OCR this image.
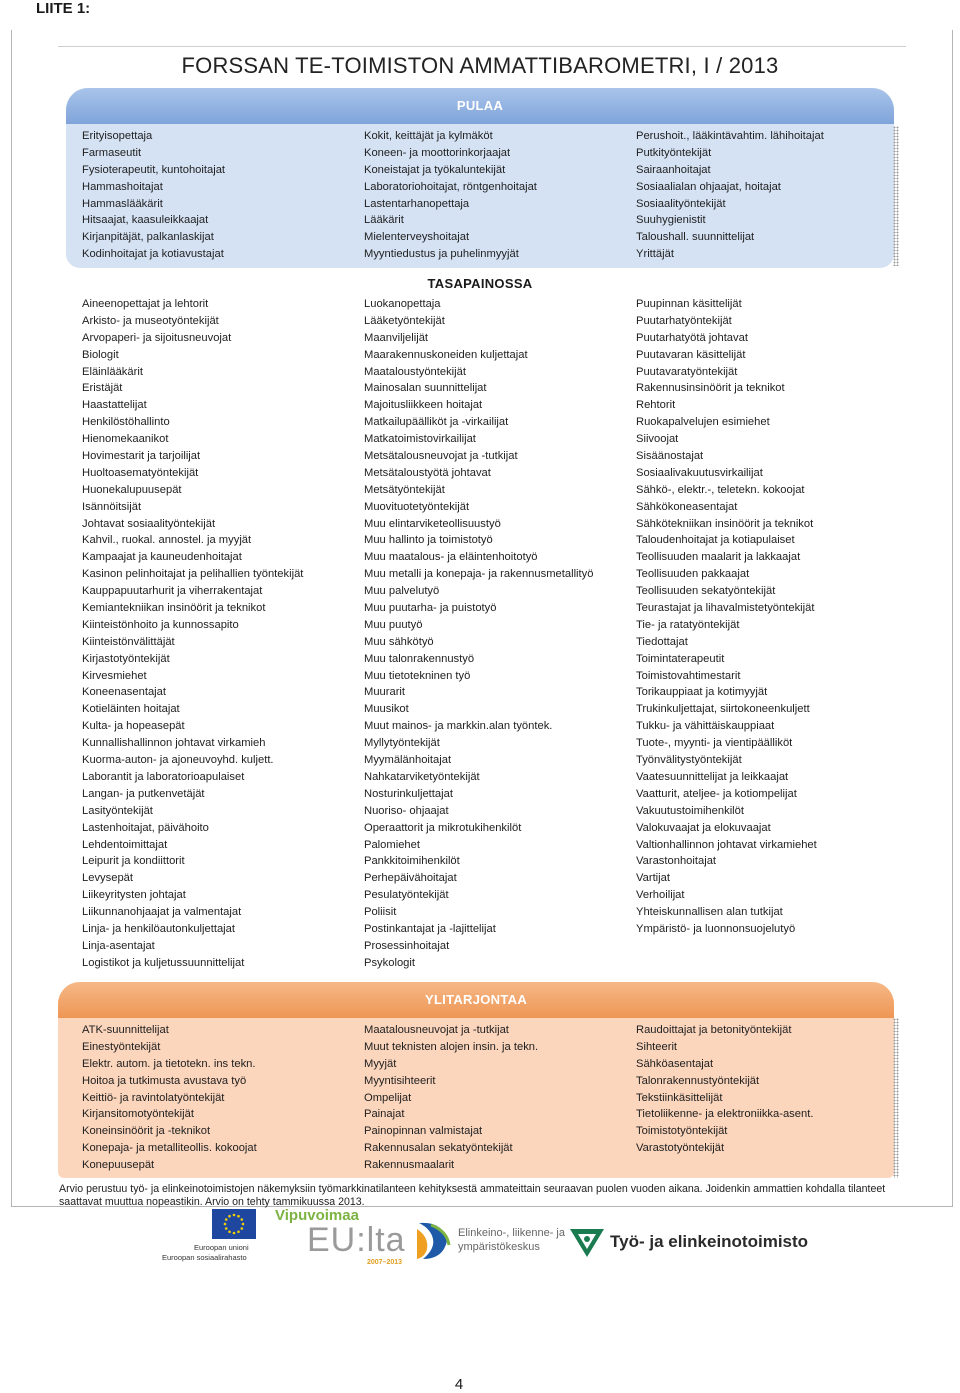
LIITE 1:
FORSSAN TE-TOIMISTON AMMATTIBAROMETRI, I / 2013
PULAA
Erityisopettaja
Farmaseutit
Fysioterapeutit, kuntohoitajat
Hammashoitajat
Hammaslääkärit
Hitsaajat, kaasuleikkaajat
Kirjanpitäjät, palkanlaskijat
Kodinhoitajat ja kotiavustajat
Kokit, keittäjät ja kylmäköt
Koneen- ja moottorinkorjaajat
Koneistajat ja työkaluntekijät
Laboratoriohoitajat, röntgenhoitajat
Lastentarhanopettaja
Lääkärit
Mielenterveyshoitajat
Myyntiedustus ja puhelinmyyjät
Perushoit., lääkintävahtim. lähihoitajat
Putkityöntekijät
Sairaanhoitajat
Sosiaalialan ohjaajat, hoitajat
Sosiaalityöntekijät
Suuhygienistit
Taloushall. suunnittelijat
Yrittäjät
TASAPAINOSSA
Aineenopettajat ja lehtorit
Arkisto- ja museotyöntekijät
Arvopaperi- ja sijoitusneuvojat
Biologit
Eläinlääkärit
Eristäjät
Haastattelijat
Henkilöstöhallinto
Hienomekaanikot
Hovimestarit ja tarjoilijat
Huoltoasematyöntekijät
Huonekalupuusepät
Isännöitsijät
Johtavat sosiaalityöntekijät
Kahvil., ruokal. annostel. ja myyjät
Kampaajat ja kauneudenhoitajat
Kasinon pelinhoitajat ja pelihallien työntekijät
Kauppapuutarhurit ja viherrakentajat
Kemiantekniikan insinöörit ja teknikot
Kiinteistönhoito ja kunnossapito
Kiinteistönvälittäjät
Kirjastotyöntekijät
Kirvesmiehet
Koneenasentajat
Kotieläinten hoitajat
Kulta- ja hopeasepät
Kunnallishallinnon johtavat virkamieh
Kuorma-auton- ja ajoneuvoyhd. kuljett.
Laborantit ja laboratorioapulaiset
Langan- ja putkenvetäjät
Lasityöntekijät
Lastenhoitajat, päivähoito
Lehdentoimittajat
Leipurit ja kondiittorit
Levysepät
Liikeyritysten johtajat
Liikunnanohjaajat ja valmentajat
Linja- ja henkilöautonkuljettajat
Linja-asentajat
Logistikot ja kuljetussuunnittelijat
Luokanopettaja
Lääketyöntekijät
Maanviljelijät
Maarakennuskoneiden kuljettajat
Maataloustyöntekijät
Mainosalan suunnittelijat
Majoitusliikkeen hoitajat
Matkailupäälliköt ja -virkailijat
Matkatoimistovirkailijat
Metsätalousneuvojat ja -tutkijat
Metsätaloustyötä johtavat
Metsätyöntekijät
Muovituotetyöntekijät
Muu elintarviketeollisuustyö
Muu hallinto ja toimistotyö
Muu maatalous- ja eläintenhoitotyö
Muu metalli ja konepaja- ja rakennusmetallityö
Muu palvelutyö
Muu puutarha- ja puistotyö
Muu puutyö
Muu sähkötyö
Muu talonrakennustyö
Muu tietotekninen työ
Muurarit
Muusikot
Muut mainos- ja markkin.alan työntek.
Myllytyöntekijät
Myymälänhoitajat
Nahkatarviketyöntekijät
Nosturinkuljettajat
Nuoriso- ohjaajat
Operaattorit ja mikrotukihenkilöt
Palomiehet
Pankkitoimihenkilöt
Perhepäivähoitajat
Pesulatyöntekijät
Poliisit
Postinkantajat ja -lajittelijat
Prosessinhoitajat
Psykologit
Puupinnan käsittelijät
Puutarhatyöntekijät
Puutarhatyötä johtavat
Puutavaran käsittelijät
Puutavaratyöntekijät
Rakennusinsinöörit ja teknikot
Rehtorit
Ruokapalvelujen esimiehet
Siivoojat
Sisäänostajat
Sosiaalivakuutusvirkailijat
Sähkö-, elektr.-, teletekn. kokoojat
Sähkökoneasentajat
Sähkötekniikan insinöörit ja teknikot
Taloudenhoitajat ja kotiapulaiset
Teollisuuden maalarit ja lakkaajat
Teollisuuden pakkaajat
Teollisuuden sekatyöntekijät
Teurastajat ja lihavalmistetyöntekijät
Tie- ja ratatyöntekijät
Tiedottajat
Toimintaterapeutit
Toimistovahtimestarit
Torikauppiaat ja kotimyyjät
Trukinkuljettajat, siirtokoneenkuljett
Tukku- ja vähittäiskauppiaat
Tuote-, myynti- ja vientipäälliköt
Työnvälitystyöntekijät
Vaatesuunnittelijat ja leikkaajat
Vaatturit, ateljee- ja kotiompelijat
Vakuutustoimihenkilöt
Valokuvaajat ja elokuvaajat
Valtionhallinnon johtavat virkamiehet
Varastonhoitajat
Vartijat
Verhoilijat
Yhteiskunnallisen alan tutkijat
Ympäristö- ja luonnonsuojelutyö
YLITARJONTAA
ATK-suunnittelijat
Einestyöntekijät
Elektr. autom. ja tietotekn. ins tekn.
Hoitoa ja tutkimusta avustava työ
Keittiö- ja ravintolatyöntekijät
Kirjansitomotyöntekijät
Koneinsinöörit ja -teknikot
Konepaja- ja metalliteollis. kokoojat
Konepuusepät
Maatalousneuvojat ja -tutkijat
Muut teknisten alojen insin. ja tekn.
Myyjät
Myyntisihteerit
Ompelijat
Painajat
Painopinnan valmistajat
Rakennusalan sekatyöntekijät
Rakennusmaalarit
Raudoittajat ja betonityöntekijät
Sihteerit
Sähköasentajat
Talonrakennustyöntekijät
Tekstiinkäsittelijät
Tietoliikenne- ja elektroniikka-asent.
Toimistotyöntekijät
Varastotyöntekijät
Arvio perustuu työ- ja elinkeinotoimistojen näkemyksiin työmarkkinatilanteen kehityksestä ammateittain seuraavan puolen vuoden aikana. Joidenkin ammattien kohdalla tilanteet saattavat muuttua nopeastikin. Arvio on tehty tammikuussa 2013.
Euroopan unioni
Euroopan sosiaalirahasto
Vipuvoimaa
EU:lta
2007–2013
Elinkeino-, liikenne- ja
ympäristökeskus	Työ- ja elinkeinotoimisto
4
